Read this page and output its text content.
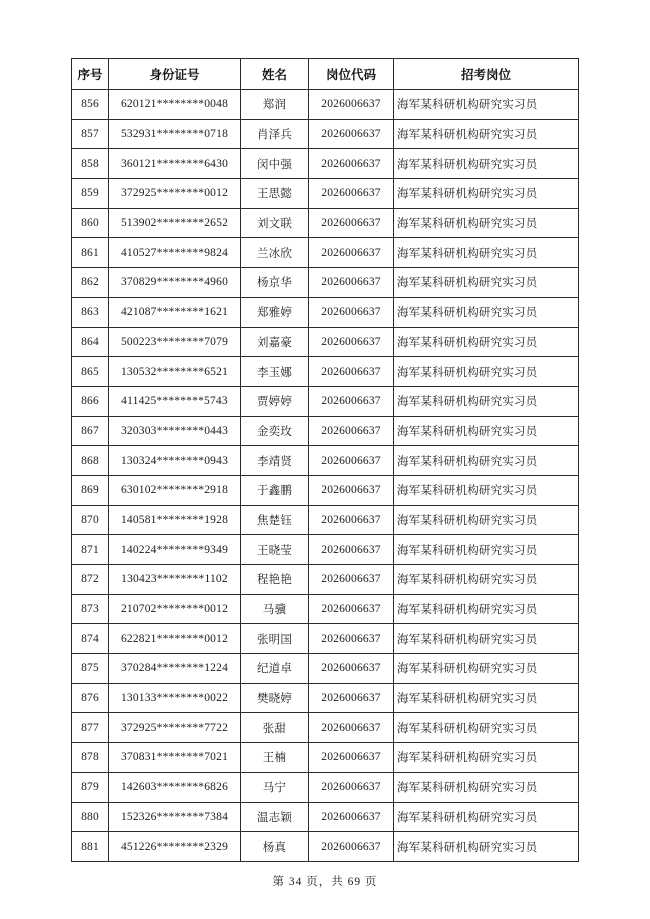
序号	身份证号	姓名	岗位代码	招考岗位
856	620121********0048	郑润	2026006637	海军某科研机构研究实习员
857	532931********0718	肖泽兵	2026006637	海军某科研机构研究实习员
858	360121********6430	闵中强	2026006637	海军某科研机构研究实习员
859	372925********0012	王思懿	2026006637	海军某科研机构研究实习员
860	513902********2652	刘文联	2026006637	海军某科研机构研究实习员
861	410527********9824	兰冰欣	2026006637	海军某科研机构研究实习员
862	370829********4960	杨京华	2026006637	海军某科研机构研究实习员
863	421087********1621	郑雅婷	2026006637	海军某科研机构研究实习员
864	500223********7079	刘嘉豪	2026006637	海军某科研机构研究实习员
865	130532********6521	李玉娜	2026006637	海军某科研机构研究实习员
866	411425********5743	贾婷婷	2026006637	海军某科研机构研究实习员
867	320303********0443	金奕玫	2026006637	海军某科研机构研究实习员
868	130324********0943	李靖贤	2026006637	海军某科研机构研究实习员
869	630102********2918	于鑫鹏	2026006637	海军某科研机构研究实习员
870	140581********1928	焦楚钰	2026006637	海军某科研机构研究实习员
871	140224********9349	王晓莹	2026006637	海军某科研机构研究实习员
872	130423********1102	程艳艳	2026006637	海军某科研机构研究实习员
873	210702********0012	马骥	2026006637	海军某科研机构研究实习员
874	622821********0012	张明国	2026006637	海军某科研机构研究实习员
875	370284********1224	纪道卓	2026006637	海军某科研机构研究实习员
876	130133********0022	樊晓婷	2026006637	海军某科研机构研究实习员
877	372925********7722	张甜	2026006637	海军某科研机构研究实习员
878	370831********7021	王楠	2026006637	海军某科研机构研究实习员
879	142603********6826	马宁	2026006637	海军某科研机构研究实习员
880	152326********7384	温志颖	2026006637	海军某科研机构研究实习员
881	451226********2329	杨真	2026006637	海军某科研机构研究实习员
第 34 页，共 69 页
